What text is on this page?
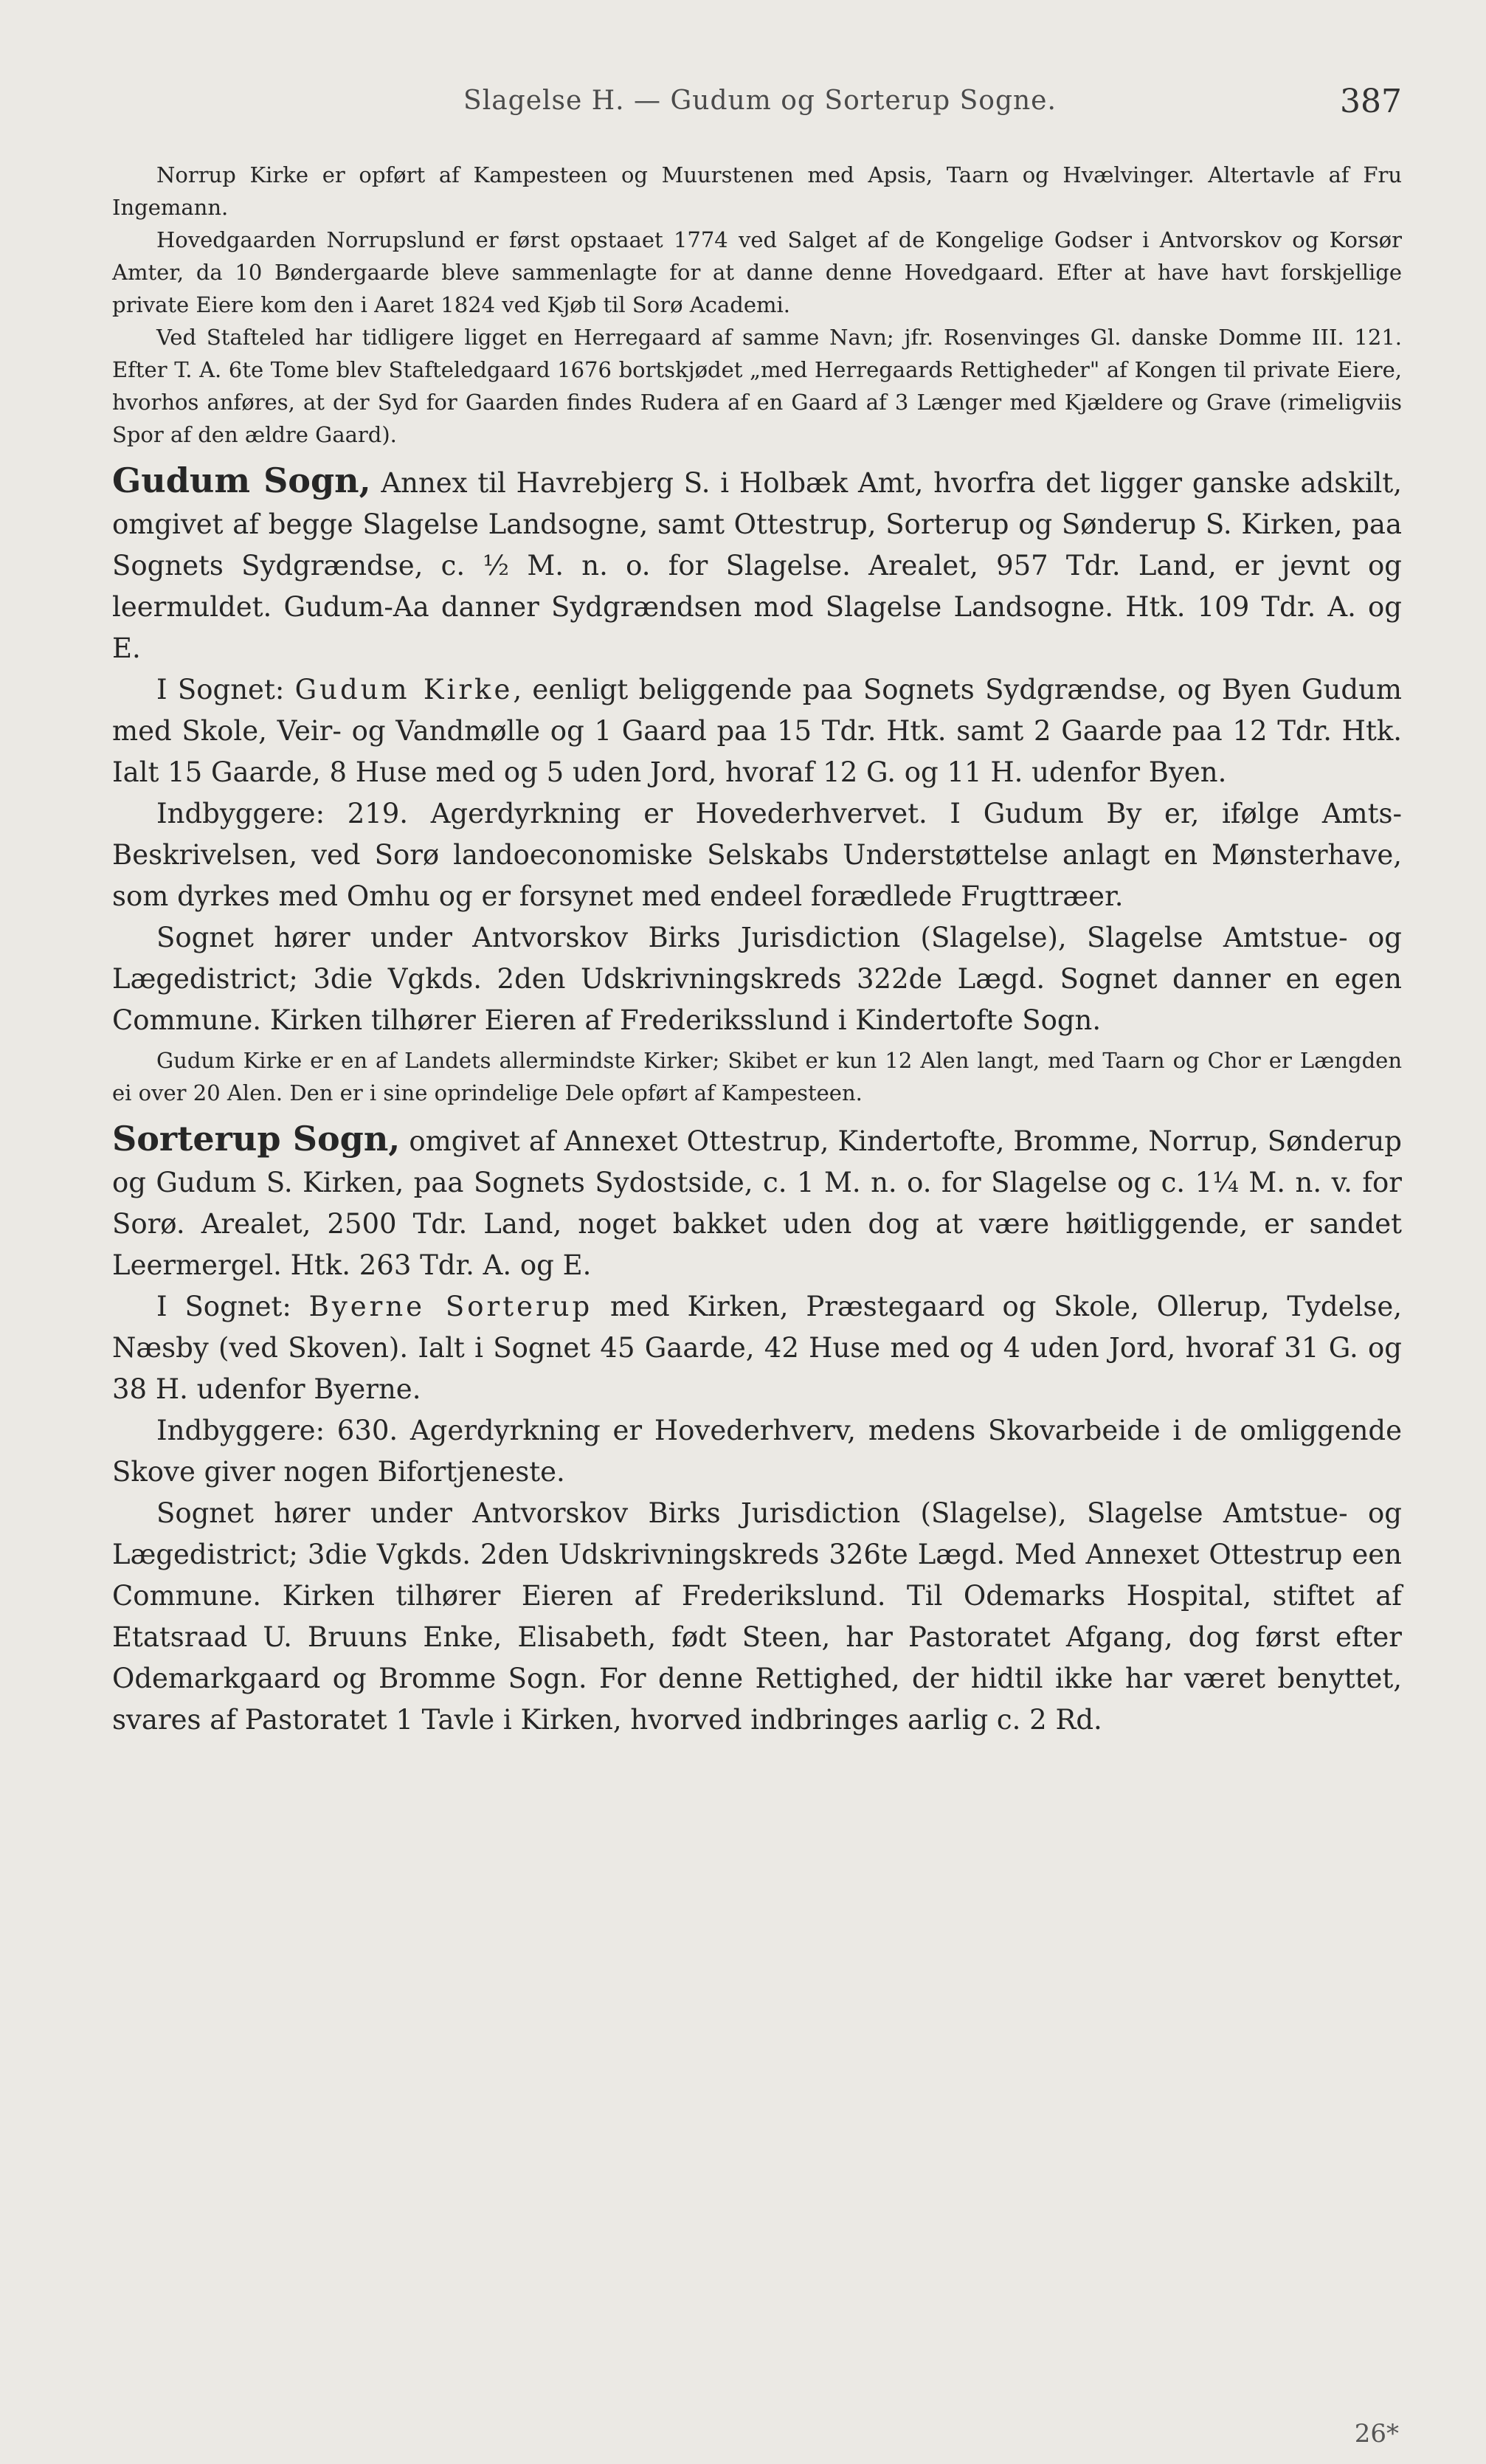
Slagelse H. — Gudum og Sorterup Sogne.	387

Norrup Kirke er opført af Kampesteen og Muurstenen med Apsis, Taarn og Hvælvinger. Altertavle af Fru Ingemann.

Hovedgaarden Norrupslund er først opstaaet 1774 ved Salget af de Kongelige Godser i Antvorskov og Korsør Amter, da 10 Bøndergaarde bleve sammenlagte for at danne denne Hovedgaard. Efter at have havt forskjellige private Eiere kom den i Aaret 1824 ved Kjøb til Sorø Academi.

Ved Stafteled har tidligere ligget en Herregaard af samme Navn; jfr. Rosenvinges Gl. danske Domme III. 121. Efter T. A. 6te Tome blev Stafteledgaard 1676 bortskjødet „med Herregaards Rettigheder" af Kongen til private Eiere, hvorhos anføres, at der Syd for Gaarden findes Rudera af en Gaard af 3 Længer med Kjældere og Grave (rimeligviis Spor af den ældre Gaard).

Gudum Sogn, Annex til Havrebjerg S. i Holbæk Amt, hvorfra det ligger ganske adskilt, omgivet af begge Slagelse Landsogne, samt Ottestrup, Sorterup og Sønderup S. Kirken, paa Sognets Sydgrændse, c. ½ M. n. o. for Slagelse. Arealet, 957 Tdr. Land, er jevnt og leermuldet. Gudum-Aa danner Sydgrændsen mod Slagelse Landsogne. Htk. 109 Tdr. A. og E.

I Sognet: Gudum Kirke, eenligt beliggende paa Sognets Sydgrændse, og Byen Gudum med Skole, Veir- og Vandmølle og 1 Gaard paa 15 Tdr. Htk. samt 2 Gaarde paa 12 Tdr. Htk. Ialt 15 Gaarde, 8 Huse med og 5 uden Jord, hvoraf 12 G. og 11 H. udenfor Byen.

Indbyggere: 219. Agerdyrkning er Hovederhvervet. I Gudum By er, ifølge Amts-Beskrivelsen, ved Sorø landoeconomiske Selskabs Understøttelse anlagt en Mønsterhave, som dyrkes med Omhu og er forsynet med endeel forædlede Frugttræer.

Sognet hører under Antvorskov Birks Jurisdiction (Slagelse), Slagelse Amtstue- og Lægedistrict; 3die Vgkds. 2den Udskrivningskreds 322de Lægd. Sognet danner en egen Commune. Kirken tilhører Eieren af Frederiksslund i Kindertofte Sogn.

Gudum Kirke er en af Landets allermindste Kirker; Skibet er kun 12 Alen langt, med Taarn og Chor er Længden ei over 20 Alen. Den er i sine oprindelige Dele opført af Kampesteen.

Sorterup Sogn, omgivet af Annexet Ottestrup, Kindertofte, Bromme, Norrup, Sønderup og Gudum S. Kirken, paa Sognets Sydostside, c. 1 M. n. o. for Slagelse og c. 1¼ M. n. v. for Sorø. Arealet, 2500 Tdr. Land, noget bakket uden dog at være høitliggende, er sandet Leermergel. Htk. 263 Tdr. A. og E.

I Sognet: Byerne Sorterup med Kirken, Præstegaard og Skole, Ollerup, Tydelse, Næsby (ved Skoven). Ialt i Sognet 45 Gaarde, 42 Huse med og 4 uden Jord, hvoraf 31 G. og 38 H. udenfor Byerne.

Indbyggere: 630. Agerdyrkning er Hovederhverv, medens Skovarbeide i de omliggende Skove giver nogen Bifortjeneste.

Sognet hører under Antvorskov Birks Jurisdiction (Slagelse), Slagelse Amtstue- og Lægedistrict; 3die Vgkds. 2den Udskrivningskreds 326te Lægd. Med Annexet Ottestrup een Commune. Kirken tilhører Eieren af Frederikslund. Til Odemarks Hospital, stiftet af Etatsraad U. Bruuns Enke, Elisabeth, født Steen, har Pastoratet Afgang, dog først efter Odemarkgaard og Bromme Sogn. For denne Rettighed, der hidtil ikke har været benyttet, svares af Pastoratet 1 Tavle i Kirken, hvorved indbringes aarlig c. 2 Rd.

26*
